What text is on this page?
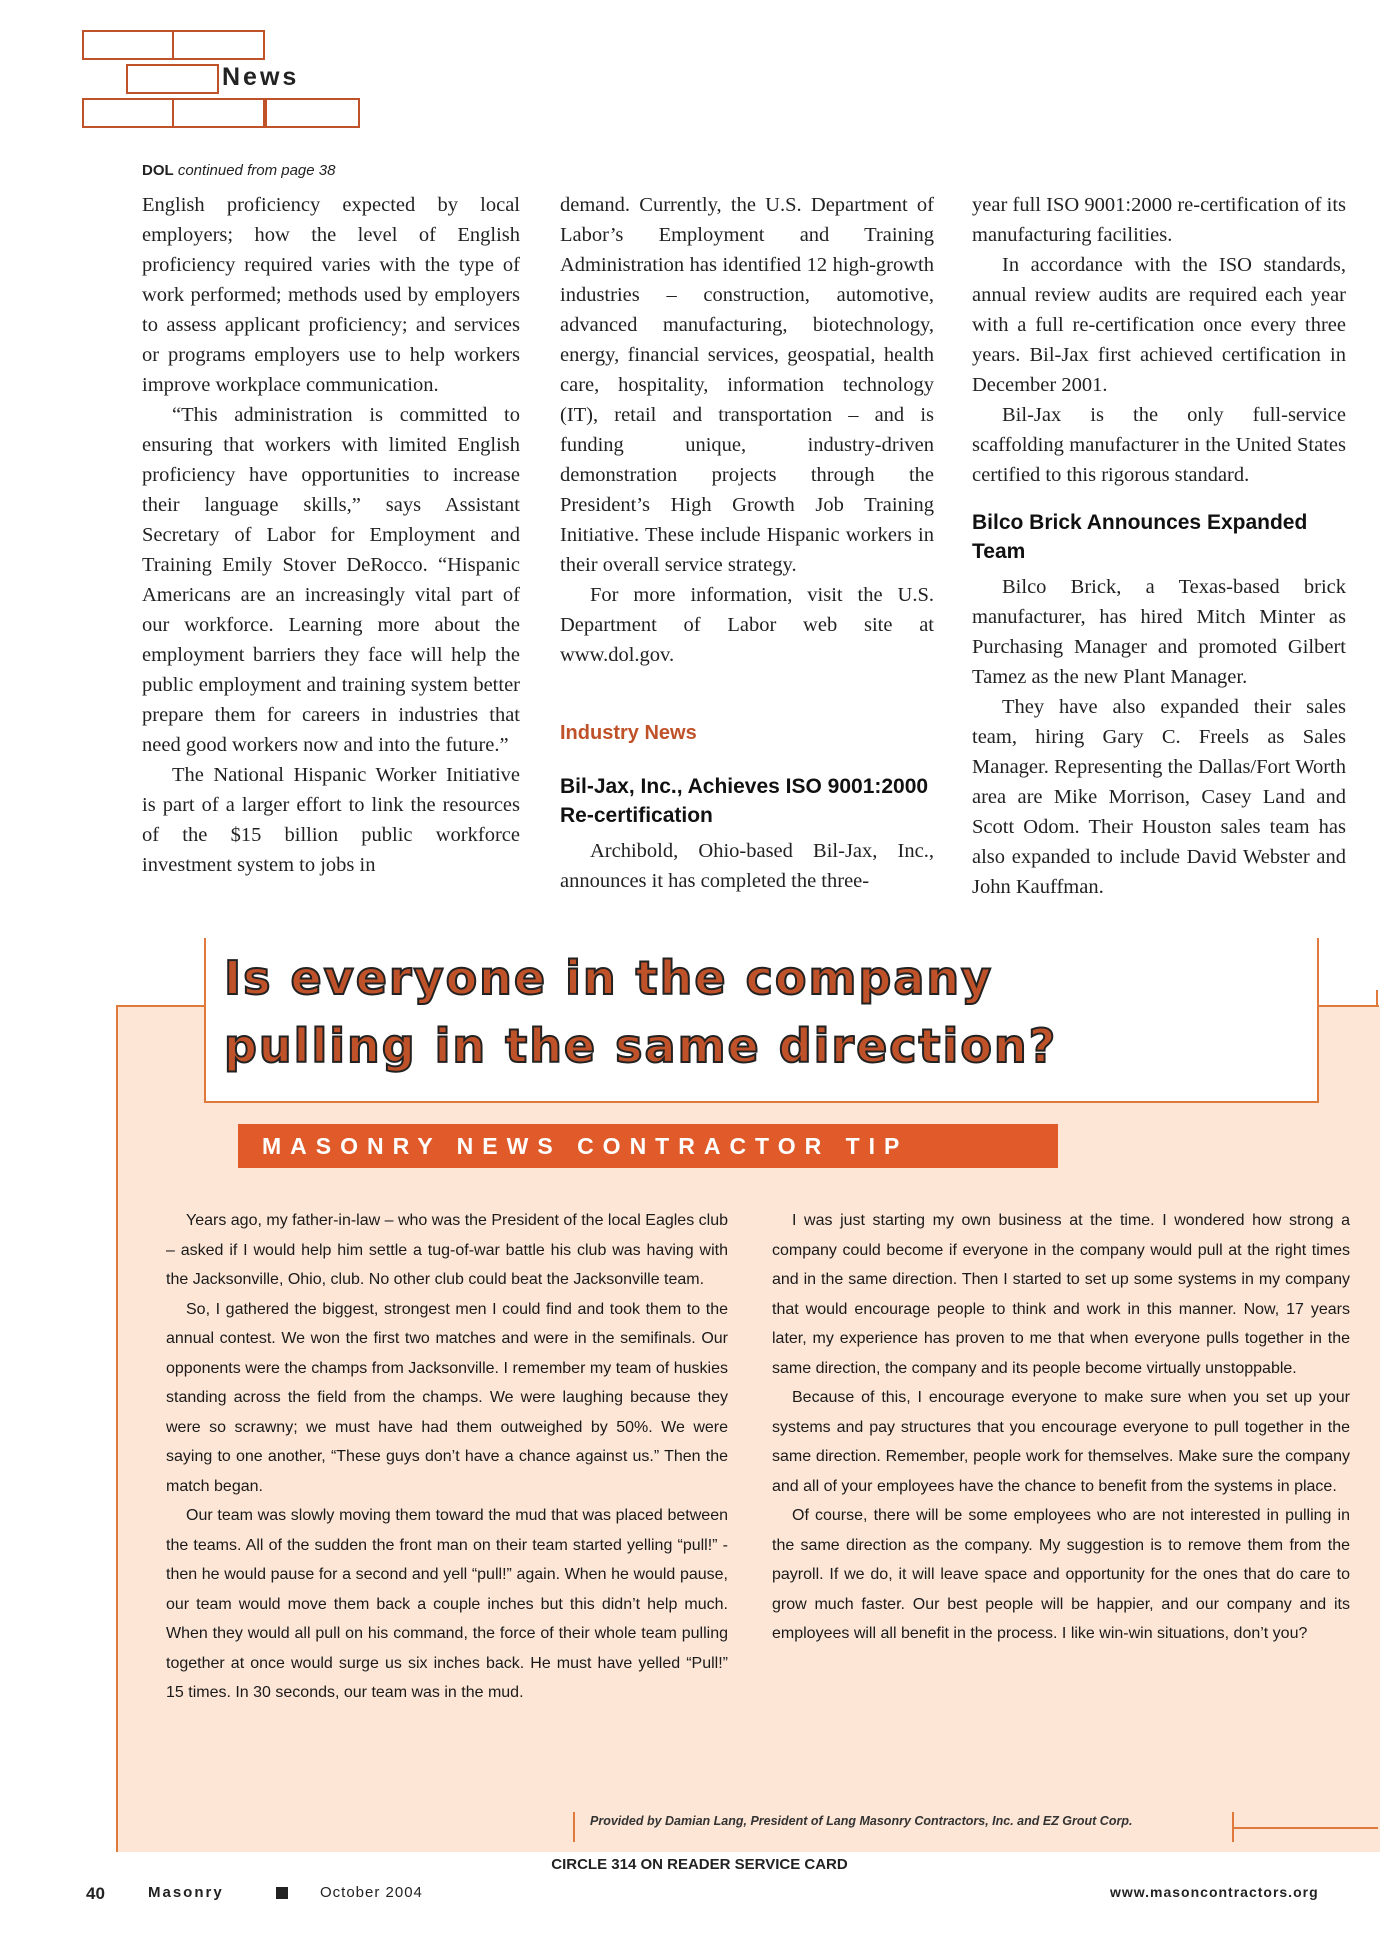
News
DOL continued from page 38

English proficiency expected by local employers; how the level of English proficiency required varies with the type of work performed; methods used by employers to assess applicant proficiency; and services or programs employers use to help workers improve workplace communication.

“This administration is committed to ensuring that workers with limited English proficiency have opportunities to increase their language skills,” says Assistant Secretary of Labor for Employment and Training Emily Stover DeRocco. “Hispanic Americans are an increasingly vital part of our workforce. Learning more about the employment barriers they face will help the public employment and training system better prepare them for careers in industries that need good workers now and into the future.”

The National Hispanic Worker Initiative is part of a larger effort to link the resources of the $15 billion public workforce investment system to jobs in

demand. Currently, the U.S. Department of Labor’s Employment and Training Administration has identified 12 high-growth industries – construction, automotive, advanced manufacturing, biotechnology, energy, financial services, geospatial, health care, hospitality, information technology (IT), retail and transportation – and is funding unique, industry-driven demonstration projects through the President’s High Growth Job Training Initiative. These include Hispanic workers in their overall service strategy.

For more information, visit the U.S. Department of Labor web site at www.dol.gov.

Industry News
Bil-Jax, Inc., Achieves ISO 9001:2000 Re-certification

Archibold, Ohio-based Bil-Jax, Inc., announces it has completed the three-

year full ISO 9001:2000 re-certification of its manufacturing facilities.

In accordance with the ISO standards, annual review audits are required each year with a full re-certification once every three years. Bil-Jax first achieved certification in December 2001.

Bil-Jax is the only full-service scaffolding manufacturer in the United States certified to this rigorous standard.

Bilco Brick Announces Expanded Team

Bilco Brick, a Texas-based brick manufacturer, has hired Mitch Minter as Purchasing Manager and promoted Gilbert Tamez as the new Plant Manager.

They have also expanded their sales team, hiring Gary C. Freels as Sales Manager. Representing the Dallas/Fort Worth area are Mike Morrison, Casey Land and Scott Odom. Their Houston sales team has also expanded to include David Webster and John Kauffman.

Is everyone in the company
pulling in the same direction?
MASONRY NEWS CONTRACTOR TIP

Years ago, my father-in-law – who was the President of the local Eagles club – asked if I would help him settle a tug-of-war battle his club was having with the Jacksonville, Ohio, club. No other club could beat the Jacksonville team.

So, I gathered the biggest, strongest men I could find and took them to the annual contest. We won the first two matches and were in the semifinals. Our opponents were the champs from Jacksonville. I remember my team of huskies standing across the field from the champs. We were laughing because they were so scrawny; we must have had them outweighed by 50%. We were saying to one another, “These guys don’t have a chance against us.” Then the match began.

Our team was slowly moving them toward the mud that was placed between the teams. All of the sudden the front man on their team started yelling “pull!” - then he would pause for a second and yell “pull!” again. When he would pause, our team would move them back a couple inches but this didn’t help much. When they would all pull on his command, the force of their whole team pulling together at once would surge us six inches back. He must have yelled “Pull!” 15 times. In 30 seconds, our team was in the mud.

I was just starting my own business at the time. I wondered how strong a company could become if everyone in the company would pull at the right times and in the same direction. Then I started to set up some systems in my company that would encourage people to think and work in this manner. Now, 17 years later, my experience has proven to me that when everyone pulls together in the same direction, the company and its people become virtually unstoppable.

Because of this, I encourage everyone to make sure when you set up your systems and pay structures that you encourage everyone to pull together in the same direction. Remember, people work for themselves. Make sure the company and all of your employees have the chance to benefit from the systems in place.

Of course, there will be some employees who are not interested in pulling in the same direction as the company. My suggestion is to remove them from the payroll. If we do, it will leave space and opportunity for the ones that do care to grow much faster. Our best people will be happier, and our company and its employees will all benefit in the process. I like win-win situations, don’t you?

Provided by Damian Lang, President of Lang Masonry Contractors, Inc. and EZ Grout Corp.
CIRCLE 314 ON READER SERVICE CARD
40	Masonry	October 2004	www.masoncontractors.org
